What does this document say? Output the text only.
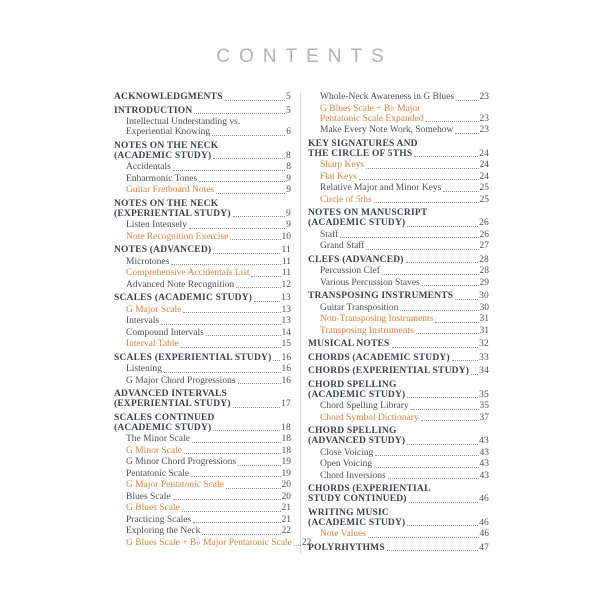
CONTENTS
ACKNOWLEDGMENTS	5
INTRODUCTION	5
Intellectual Understanding vs.
Experiential Knowing	6
NOTES ON THE NECK
(ACADEMIC STUDY)	8
Accidentals	8
Enharmonic Tones	9
Guitar Fretboard Notes	9
NOTES ON THE NECK
(EXPERIENTIAL STUDY)	9
Listen Intensely	9
Note Recognition Exercise	10
NOTES (ADVANCED)	11
Microtones	11
Comprehensive Accidentals List	11
Advanced Note Recognition	12
SCALES (ACADEMIC STUDY)	13
G Major Scale	13
Intervals	13
Compound Intervals	14
Interval Table	15
SCALES (EXPERIENTIAL STUDY) 16
Listening	16
G Major Chord Progressions	16
ADVANCED INTERVALS
(EXPERIENTIAL STUDY)	17
SCALES CONTINUED
(ACADEMIC STUDY)	18
The Minor Scale	18
G Minor Scale	18
G Minor Chord Progressions	19
Pentatonic Scale	19
G Major Pentatonic Scale	20
Blues Scale	20
G Blues Scale	21
Practicing Scales	21
Exploring the Neck	22
G Blues Scale + B♭ Major Pentatonic Scale 22
Whole-Neck Awareness in G Blues	23
G Blues Scale + B♭ Major
Pentatonic Scale Expanded	23
Make Every Note Work, Somehow	23
KEY SIGNATURES AND
THE CIRCLE OF 5THS	24
Sharp Keys	24
Flat Keys	24
Relative Major and Minor Keys	25
Circle of 5ths	25
NOTES ON MANUSCRIPT
(ACADEMIC STUDY)	26
Staff	26
Grand Staff	27
CLEFS (ADVANCED)	28
Percussion Clef	28
Various Percussion Staves	29
TRANSPOSING INSTRUMENTS	30
Guitar Transposition	30
Non-Transposing Instruments	31
Transposing Instruments	31
MUSICAL NOTES	32
CHORDS (ACADEMIC STUDY)	33
CHORDS (EXPERIENTIAL STUDY) 34
CHORD SPELLING
(ACADEMIC STUDY)	35
Chord Spelling Library	35
Chord Symbol Dictionary	37
CHORD SPELLING
(ADVANCED STUDY)	43
Close Voicing	43
Open Voicing	43
Chord Inversions	43
CHORDS (EXPERIENTIAL
STUDY CONTINUED)	46
WRITING MUSIC
(ACADEMIC STUDY)	46
Note Values	46
POLYRHYTHMS	47
